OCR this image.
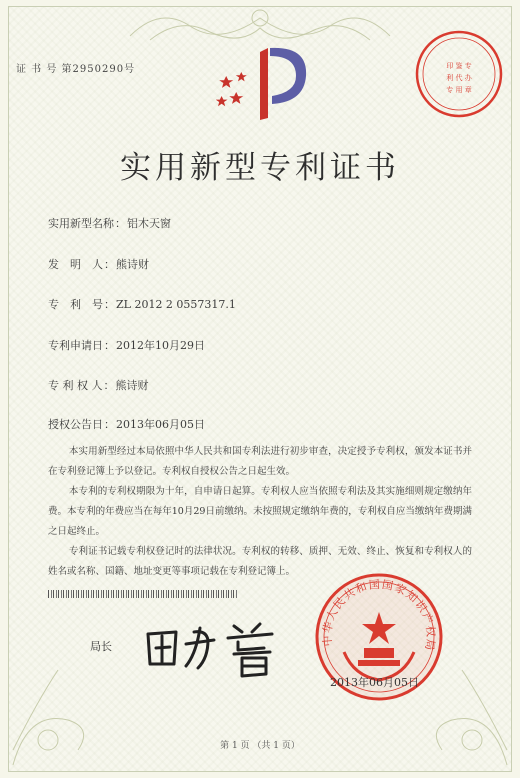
证 书 号 第2950290号	印 鉴 专
利 代 办
专 用 章
实用新型专利证书
实用新型名称：铝木天窗
发　明　人：熊诗财
专　利　号：ZL 2012 2 0557317.1
专利申请日：2012年10月29日
专 利 权 人：熊诗财
授权公告日：2013年06月05日

本实用新型经过本局依照中华人民共和国专利法进行初步审查，决定授予专利权，颁发本证书并在专利登记簿上予以登记。专利权自授权公告之日起生效。

本专利的专利权期限为十年，自申请日起算。专利权人应当依照专利法及其实施细则规定缴纳年费。本专利的年费应当在每年10月29日前缴纳。未按照规定缴纳年费的，专利权自应当缴纳年费期满之日起终止。

专利证书记载专利权登记时的法律状况。专利权的转移、质押、无效、终止、恢复和专利权人的姓名或名称、国籍、地址变更等事项记载在专利登记簿上。

局长	中华人民共和国国家知识产权局
2013年06月05日
第 1 页 （共 1 页）
